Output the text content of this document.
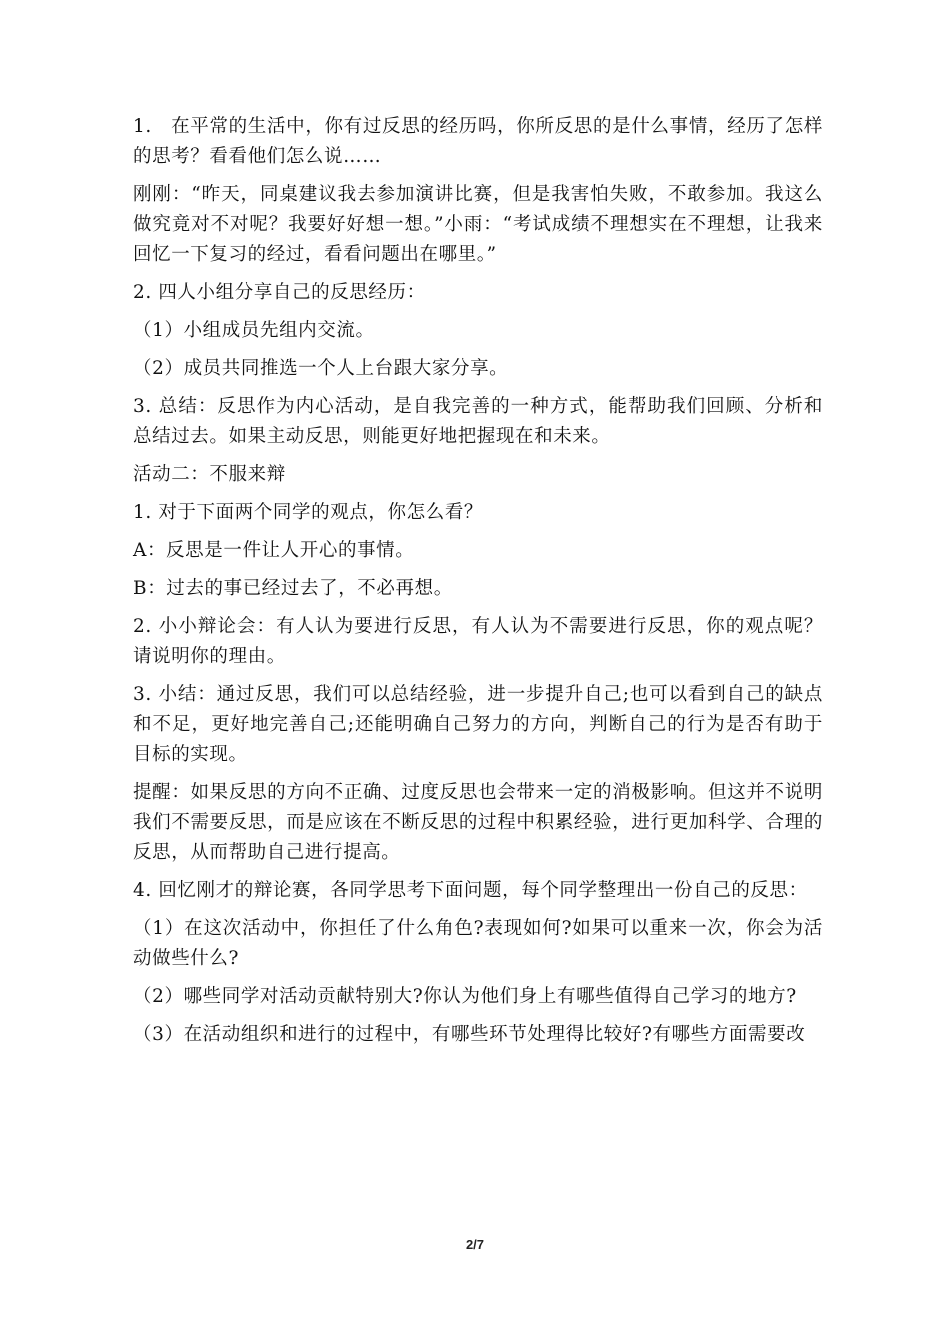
1.　在平常的生活中，你有过反思的经历吗，你所反思的是什么事情，经历了怎样的思考？看看他们怎么说……

刚刚：“昨天，同桌建议我去参加演讲比赛，但是我害怕失败，不敢参加。我这么做究竟对不对呢？我要好好想一想。”小雨：“考试成绩不理想实在不理想，让我来回忆一下复习的经过，看看问题出在哪里。”

2. 四人小组分享自己的反思经历：

（1）小组成员先组内交流。

（2）成员共同推选一个人上台跟大家分享。

3. 总结：反思作为内心活动，是自我完善的一种方式，能帮助我们回顾、分析和总结过去。如果主动反思，则能更好地把握现在和未来。

活动二：不服来辩

1. 对于下面两个同学的观点，你怎么看？

A：反思是一件让人开心的事情。

B：过去的事已经过去了，不必再想。

2. 小小辩论会：有人认为要进行反思，有人认为不需要进行反思，你的观点呢？请说明你的理由。

3. 小结：通过反思，我们可以总结经验，进一步提升自己;也可以看到自己的缺点和不足，更好地完善自己;还能明确自己努力的方向，判断自己的行为是否有助于目标的实现。

提醒：如果反思的方向不正确、过度反思也会带来一定的消极影响。但这并不说明我们不需要反思，而是应该在不断反思的过程中积累经验，进行更加科学、合理的反思，从而帮助自己进行提高。

4. 回忆刚才的辩论赛，各同学思考下面问题，每个同学整理出一份自己的反思：

（1）在这次活动中，你担任了什么角色?表现如何?如果可以重来一次，你会为活动做些什么?

（2）哪些同学对活动贡献特别大?你认为他们身上有哪些值得自己学习的地方?

（3）在活动组织和进行的过程中，有哪些环节处理得比较好?有哪些方面需要改

2/7
